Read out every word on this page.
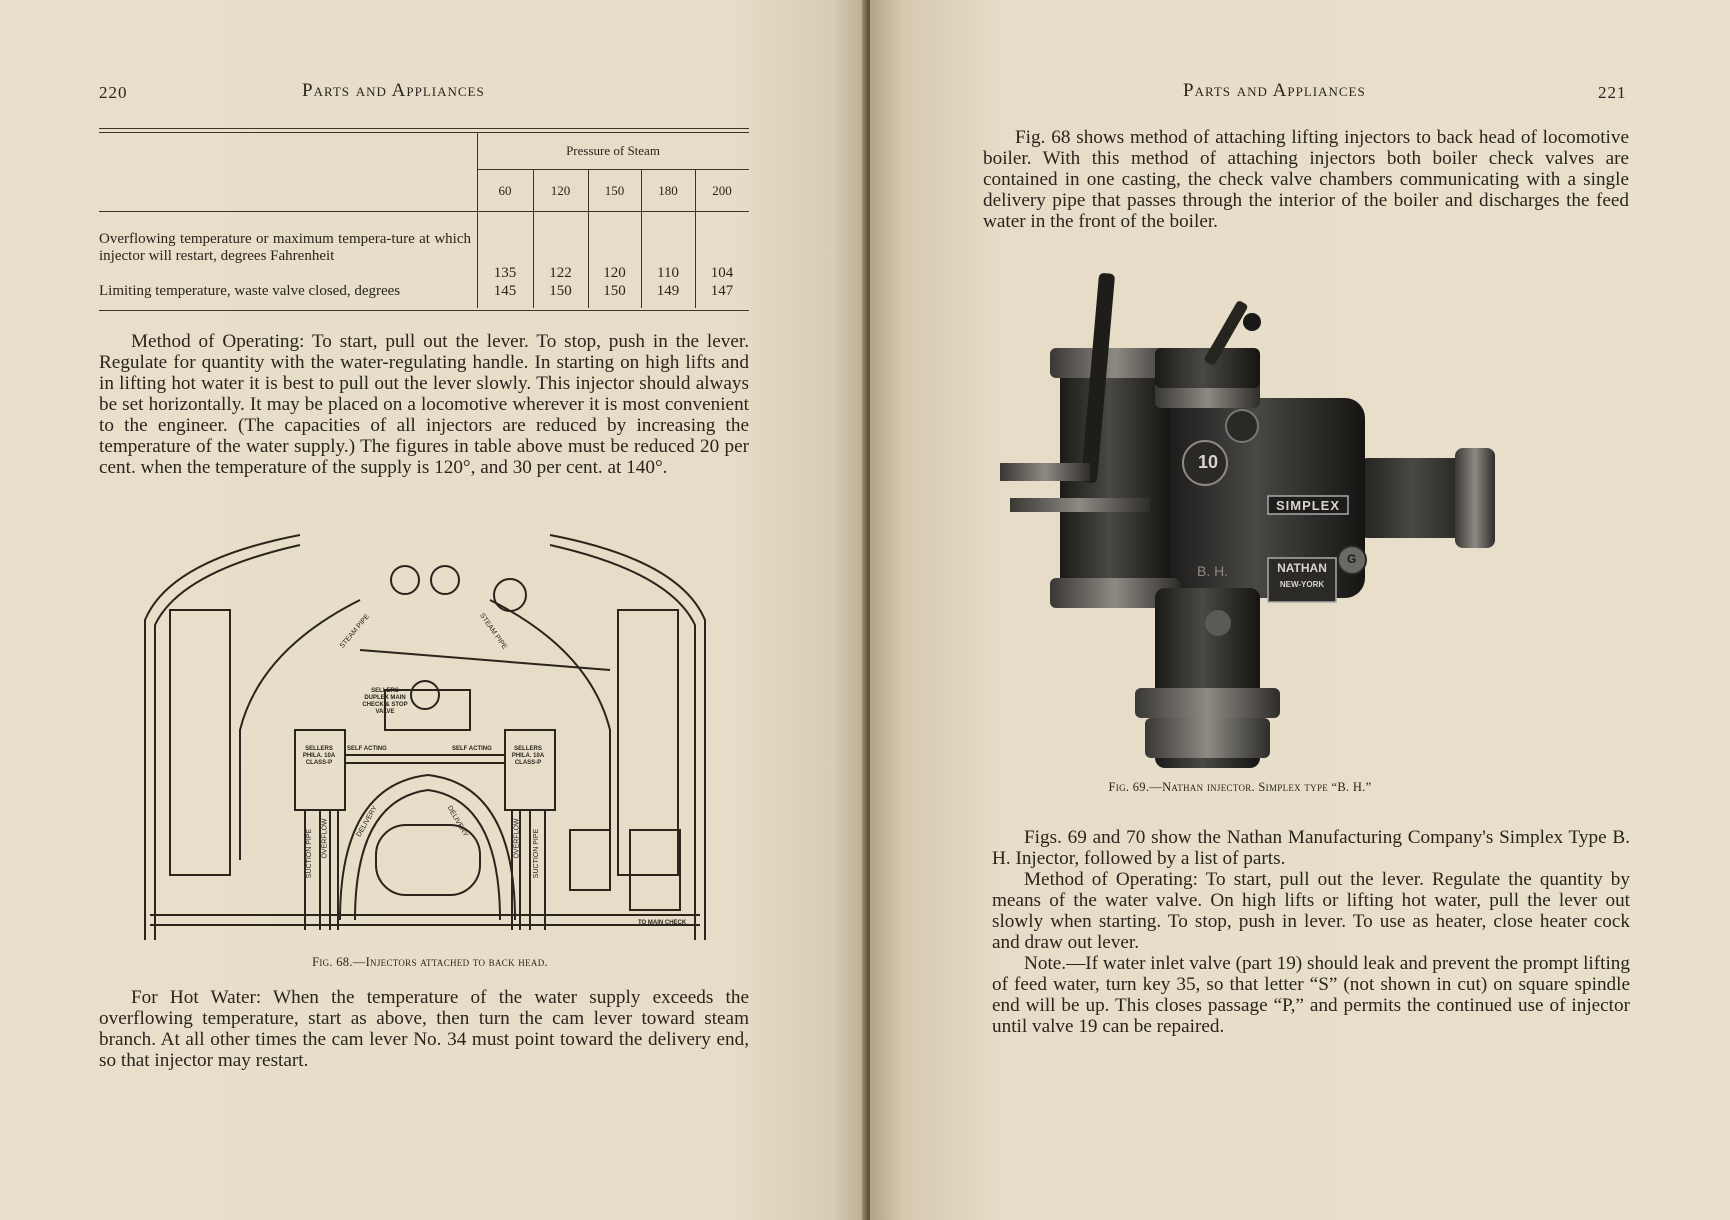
220	Parts and Appliances
Pressure of Steam
60	120	150	180	200
Overflowing temperature or maximum tempera-ture at which injector will restart, degrees Fahrenheit
135	122	120	110	104
Limiting temperature, waste valve closed, degrees	145	150	150	149	147

Method of Operating: To start, pull out the lever. To stop, push in the lever. Regulate for quantity with the water-regulating handle. In starting on high lifts and in lifting hot water it is best to pull out the lever slowly. This injector should always be set horizontally. It may be placed on a locomotive wherever it is most convenient to the engineer. (The capacities of all injectors are reduced by increasing the temperature of the water supply.) The figures in table above must be reduced 20 per cent. when the temperature of the supply is 120°, and 30 per cent. at 140°.

SELLERS DUPLEX MAIN CHECK & STOP VALVE
STEAM PIPE	STEAM PIPE
SELLERS PHILA. 10A CLASS-P
SELLERS PHILA. 10A CLASS-P
SELF ACTING	SELF ACTING
DELIVERY	DELIVERY
SUCTION PIPE OVERFLOW	OVERFLOW SUCTION PIPE
TO MAIN CHECK
Fig. 68.—Injectors attached to back head.

For Hot Water: When the temperature of the water supply exceeds the overflowing temperature, start as above, then turn the cam lever toward steam branch. At all other times the cam lever No. 34 must point toward the delivery end, so that injector may restart.

Parts and Appliances	221

Fig. 68 shows method of attaching lifting injectors to back head of locomotive boiler. With this method of attaching injectors both boiler check valves are contained in one casting, the check valve chambers communicating with a single delivery pipe that passes through the interior of the boiler and discharges the feed water in the front of the boiler.

10
SIMPLEX
NATHAN
NEW-YORK
B. H.
G
Fig. 69.—Nathan injector. Simplex type “B. H.”

Figs. 69 and 70 show the Nathan Manufacturing Company's Simplex Type B. H. Injector, followed by a list of parts.

Method of Operating: To start, pull out the lever. Regulate the quantity by means of the water valve. On high lifts or lifting hot water, pull the lever out slowly when starting. To stop, push in lever. To use as heater, close heater cock and draw out lever.

Note.—If water inlet valve (part 19) should leak and prevent the prompt lifting of feed water, turn key 35, so that letter “S” (not shown in cut) on square spindle end will be up. This closes passage “P,” and permits the continued use of injector until valve 19 can be repaired.
